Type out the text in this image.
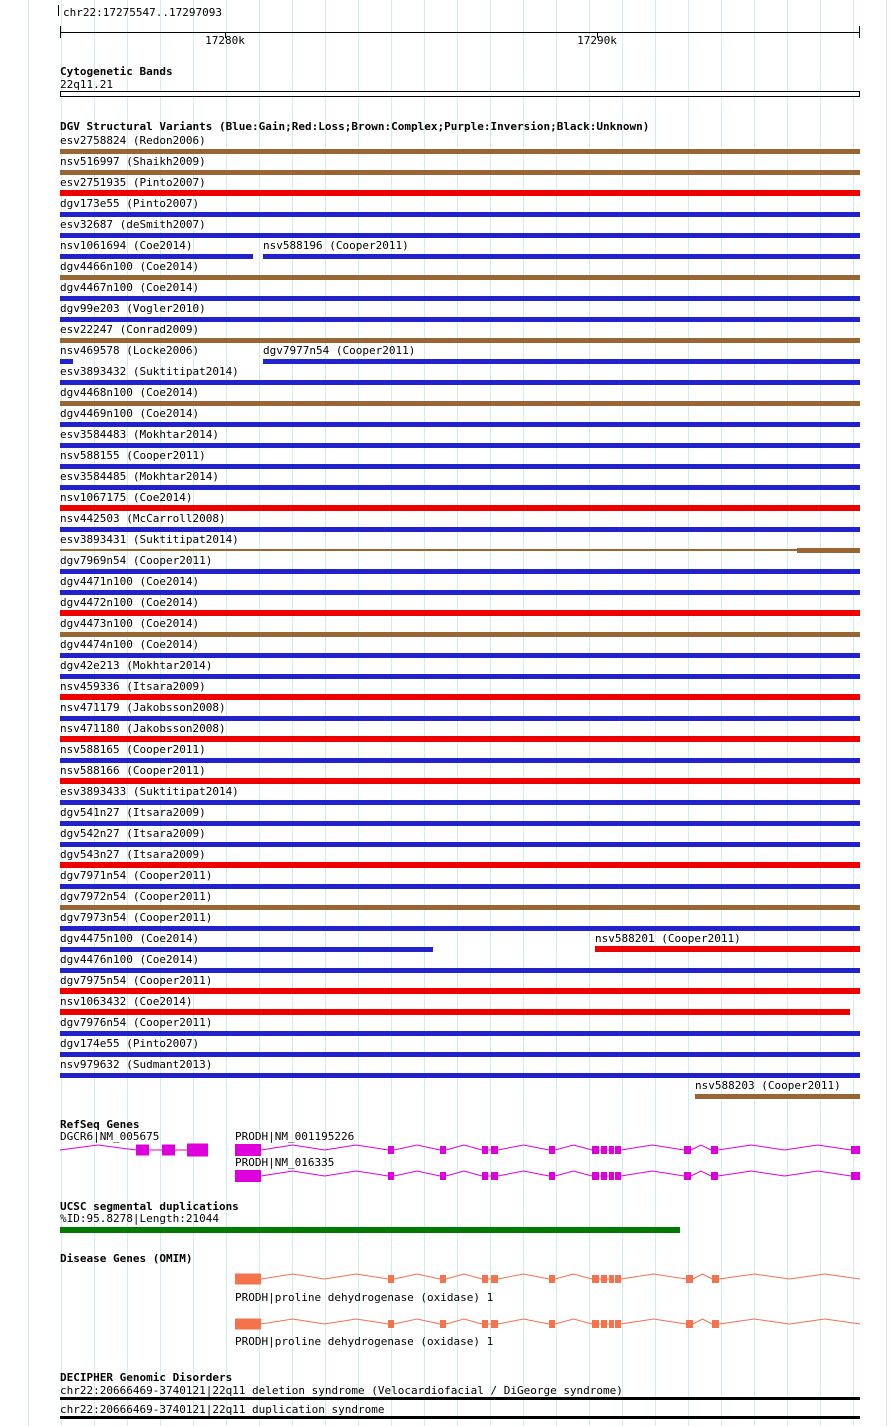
chr22:17275547..17297093
17280k	17290k
Cytogenetic Bands
22q11.21
DGV Structural Variants (Blue:Gain;Red:Loss;Brown:Complex;Purple:Inversion;Black:Unknown)
esv2758824 (Redon2006)
nsv516997 (Shaikh2009)
esv2751935 (Pinto2007)
dgv173e55 (Pinto2007)
esv32687 (deSmith2007)
nsv1061694 (Coe2014)	nsv588196 (Cooper2011)
dgv4466n100 (Coe2014)
dgv4467n100 (Coe2014)
dgv99e203 (Vogler2010)
esv22247 (Conrad2009)
nsv469578 (Locke2006)	dgv7977n54 (Cooper2011)
esv3893432 (Suktitipat2014)
dgv4468n100 (Coe2014)
dgv4469n100 (Coe2014)
esv3584483 (Mokhtar2014)
nsv588155 (Cooper2011)
esv3584485 (Mokhtar2014)
nsv1067175 (Coe2014)
nsv442503 (McCarroll2008)
esv3893431 (Suktitipat2014)
dgv7969n54 (Cooper2011)
dgv4471n100 (Coe2014)
dgv4472n100 (Coe2014)
dgv4473n100 (Coe2014)
dgv4474n100 (Coe2014)
dgv42e213 (Mokhtar2014)
nsv459336 (Itsara2009)
nsv471179 (Jakobsson2008)
nsv471180 (Jakobsson2008)
nsv588165 (Cooper2011)
nsv588166 (Cooper2011)
esv3893433 (Suktitipat2014)
dgv541n27 (Itsara2009)
dgv542n27 (Itsara2009)
dgv543n27 (Itsara2009)
dgv7971n54 (Cooper2011)
dgv7972n54 (Cooper2011)
dgv7973n54 (Cooper2011)
dgv4475n100 (Coe2014)	nsv588201 (Cooper2011)
dgv4476n100 (Coe2014)
dgv7975n54 (Cooper2011)
nsv1063432 (Coe2014)
dgv7976n54 (Cooper2011)
dgv174e55 (Pinto2007)
nsv979632 (Sudmant2013)
nsv588203 (Cooper2011)
RefSeq Genes
DGCR6|NM_005675	PRODH|NM_001195226
PRODH|NM_016335
UCSC segmental duplications
%ID:95.8278|Length:21044
Disease Genes (OMIM)
PRODH|proline dehydrogenase (oxidase) 1
PRODH|proline dehydrogenase (oxidase) 1
DECIPHER Genomic Disorders
chr22:20666469-3740121|22q11 deletion syndrome (Velocardiofacial / DiGeorge syndrome)
chr22:20666469-3740121|22q11 duplication syndrome
